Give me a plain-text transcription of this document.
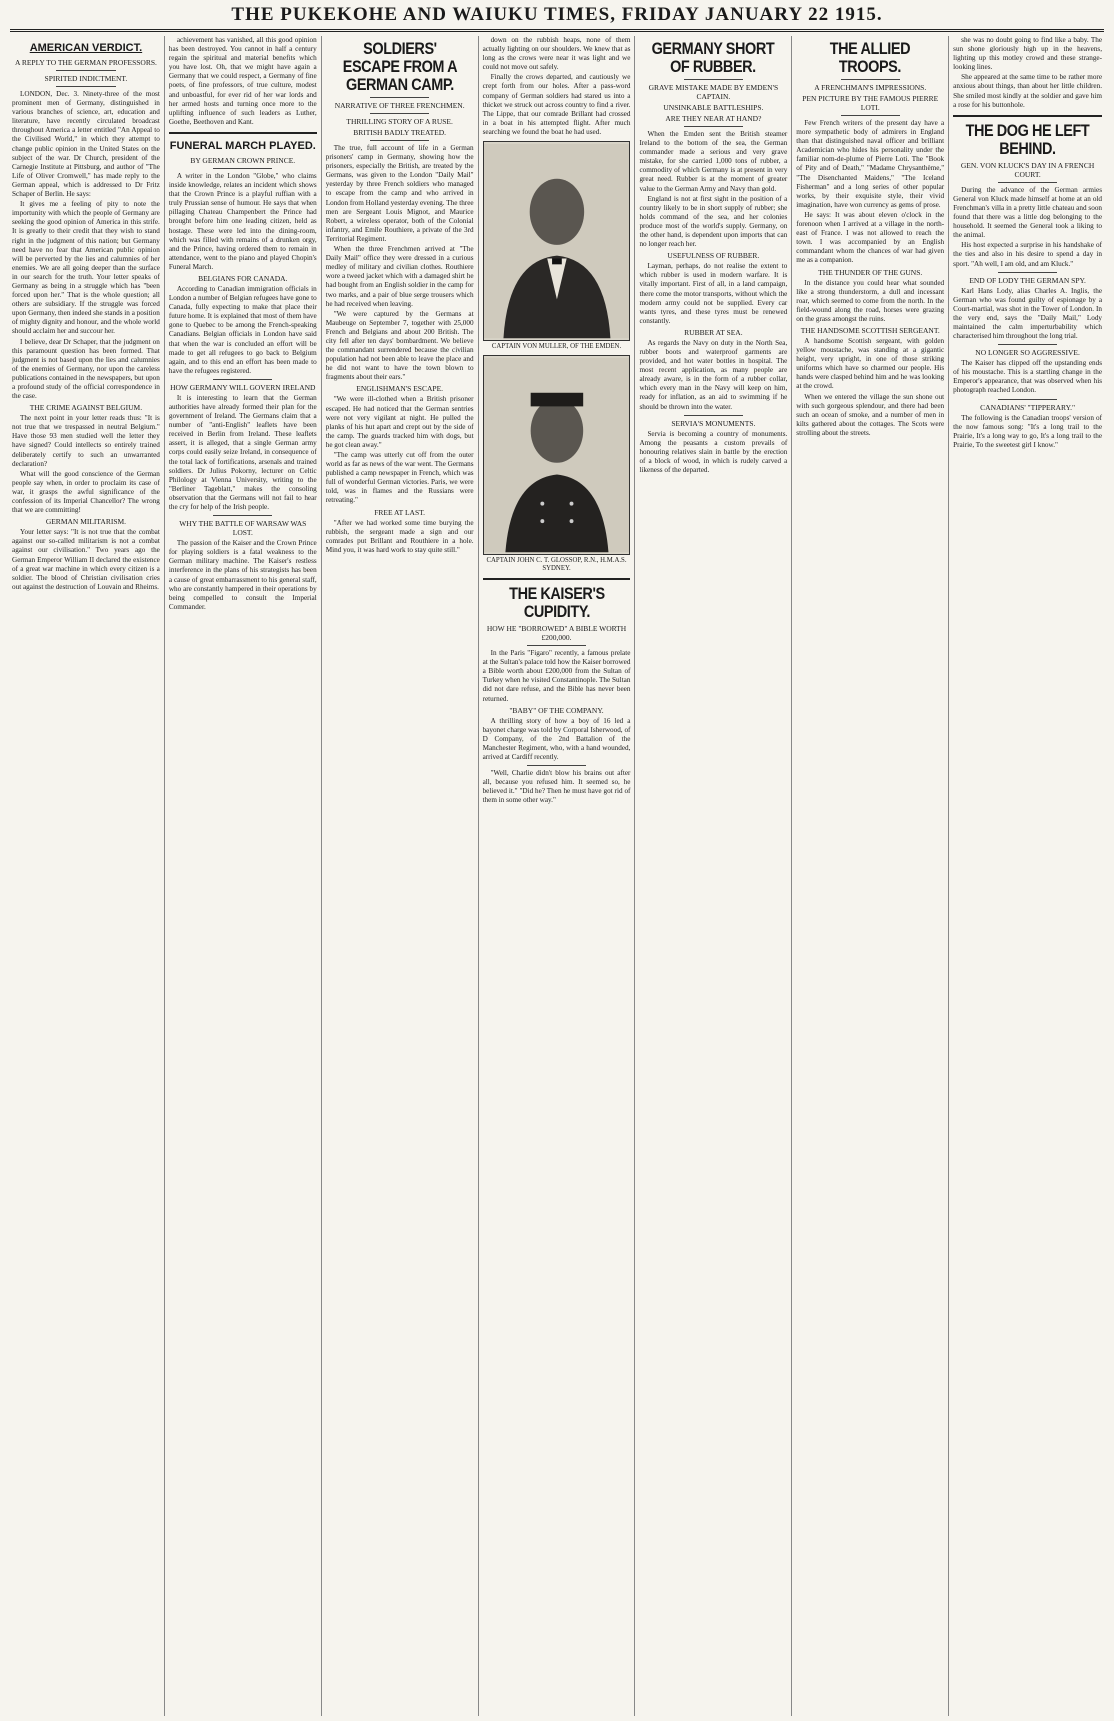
THE PUKEKOHE AND WAIUKU TIMES, FRIDAY JANUARY 22 1915.
AMERICAN VERDICT.
A REPLY TO THE GERMAN PROFESSORS.
SPIRITED INDICTMENT.

LONDON, Dec. 3. Ninety-three of the most prominent men of Germany, distinguished in various branches of science, art, education and literature, have recently circulated broadcast throughout America a letter entitled "An Appeal to the Civilised World," in which they attempt to change public opinion in the United States on the subject of the war. Dr Church, president of the Carnegie Institute at Pittsburg, and author of "The Life of Oliver Cromwell," has made reply to the German appeal, which is addressed to Dr Fritz Schaper of Berlin. He says:

It gives me a feeling of pity to note the importunity with which the people of Germany are seeking the good opinion of America in this strife. It is greatly to their credit that they wish to stand right in the judgment of this nation; but Germany need have no fear that American public opinion will be perverted by the lies and calumnies of her enemies. We are all going deeper than the surface in our search for the truth. Your letter speaks of Germany as being in a struggle which has "been forced upon her." That is the whole question; all others are subsidiary. If the struggle was forced upon Germany, then indeed she stands in a position of mighty dignity and honour, and the whole world should acclaim her and succour her.

I believe, dear Dr Schaper, that the judgment on this paramount question has been formed. That judgment is not based upon the lies and calumnies of the enemies of Germany, nor upon the careless publications contained in the newspapers, but upon a profound study of the official correspondence in the case.

THE CRIME AGAINST BELGIUM.

The next point in your letter reads thus: "It is not true that we trespassed in neutral Belgium." Have those 93 men studied well the letter they have signed? Could intellects so entirely trained deliberately certify to such an unwarranted declaration?

What will the good conscience of the German people say when, in order to proclaim its case of war, it grasps the awful significance of the confession of its Imperial Chancellor? The wrong that we are committing!

GERMAN MILITARISM.

Your letter says: "It is not true that the combat against our so-called militarism is not a combat against our civilisation." Two years ago the German Emperor William II declared the existence of a great war machine in which every citizen is a soldier. The blood of Christian civilisation cries out against the destruction of Louvain and Rheims.

achievement has vanished, all this good opinion has been destroyed. You cannot in half a century regain the spiritual and material benefits which you have lost. Oh, that we might have again a Germany that we could respect, a Germany of fine poets, of fine professors, of true culture, modest and unboastful, for ever rid of her war lords and her armed hosts and turning once more to the uplifting influence of such leaders as Luther, Goethe, Beethoven and Kant.

FUNERAL MARCH PLAYED.
BY GERMAN CROWN PRINCE.

A writer in the London "Globe," who claims inside knowledge, relates an incident which shows that the Crown Prince is a playful ruffian with a truly Prussian sense of humour. He says that when pillaging Chateau Champenbert the Prince had brought before him one leading citizen, held as hostage. These were led into the dining-room, which was filled with remains of a drunken orgy, and the Prince, having ordered them to remain in attendance, went to the piano and played Chopin's Funeral March.

BELGIANS FOR CANADA.

According to Canadian immigration officials in London a number of Belgian refugees have gone to Canada, fully expecting to make that place their future home. It is explained that most of them have gone to Quebec to be among the French-speaking Canadians. Belgian officials in London have said that when the war is concluded an effort will be made to get all refugees to go back to Belgium again, and to this end an effort has been made to have the refugees registered.

HOW GERMANY WILL GOVERN IRELAND

It is interesting to learn that the German authorities have already formed their plan for the government of Ireland. The Germans claim that a number of "anti-English" leaflets have been received in Berlin from Ireland. These leaflets assert, it is alleged, that a single German army corps could easily seize Ireland, in consequence of the total lack of fortifications, arsenals and trained soldiers. Dr Julius Pokorny, lecturer on Celtic Philology at Vienna University, writing to the "Berliner Tageblatt," makes the consoling observation that the Germans will not fail to hear the cry for help of the Irish people.

WHY THE BATTLE OF WARSAW WAS LOST.

The passion of the Kaiser and the Crown Prince for playing soldiers is a fatal weakness to the German military machine. The Kaiser's restless interference in the plans of his strategists has been a cause of great embarrassment to his general staff, who are constantly hampered in their operations by being compelled to consult the Imperial Commander.

SOLDIERS' ESCAPE FROM A GERMAN CAMP.
NARRATIVE OF THREE FRENCHMEN.
THRILLING STORY OF A RUSE.
BRITISH BADLY TREATED.

The true, full account of life in a German prisoners' camp in Germany, showing how the prisoners, especially the British, are treated by the Germans, was given to the London "Daily Mail" yesterday by three French soldiers who managed to escape from the camp and who arrived in London from Holland yesterday evening. The three men are Sergeant Louis Mignot, and Maurice Robert, a wireless operator, both of the Colonial infantry, and Emile Routhiere, a private of the 3rd Territorial Regiment.

When the three Frenchmen arrived at "The Daily Mail" office they were dressed in a curious medley of military and civilian clothes. Routhiere wore a tweed jacket which with a damaged shirt he had bought from an English soldier in the camp for two marks, and a pair of blue serge trousers which he had received when leaving.

"We were captured by the Germans at Maubeuge on September 7, together with 25,000 French and Belgians and about 200 British. The city fell after ten days' bombardment. We believe the commandant surrendered because the civilian population had not been able to leave the place and he did not want to have the town blown to fragments about their ears."

ENGLISHMAN'S ESCAPE.

"We were ill-clothed when a British prisoner escaped. He had noticed that the German sentries were not very vigilant at night. He pulled the planks of his hut apart and crept out by the side of the camp. The guards tracked him with dogs, but he got clean away."

"The camp was utterly cut off from the outer world as far as news of the war went. The Germans published a camp newspaper in French, which was full of wonderful German victories. Paris, we were told, was in flames and the Russians were retreating."

FREE AT LAST.

"After we had worked some time burying the rubbish, the sergeant made a sign and our comrades put Brillant and Routhiere in a hole. Mind you, it was hard work to stay quite still."

down on the rubbish heaps, none of them actually lighting on our shoulders. We knew that as long as the crows were near it was light and we could not move out safely.

Finally the crows departed, and cautiously we crept forth from our holes. After a pass-word company of German soldiers had stared us into a thicket we struck out across country to find a river. The Lippe, that our comrade Brillant had crossed in a boat in his attempted flight. After much searching we found the boat he had used.

CAPTAIN VON MULLER, OF THE EMDEN.
CAPTAIN JOHN C. T. GLOSSOP, R.N., H.M.A.S. SYDNEY.
THE KAISER'S CUPIDITY.
HOW HE "BORROWED" A BIBLE WORTH £200,000.

In the Paris "Figaro" recently, a famous prelate at the Sultan's palace told how the Kaiser borrowed a Bible worth about £200,000 from the Sultan of Turkey when he visited Constantinople. The Sultan did not dare refuse, and the Bible has never been returned.

"BABY" OF THE COMPANY.

A thrilling story of how a boy of 16 led a bayonet charge was told by Corporal Isherwood, of D Company, of the 2nd Battalion of the Manchester Regiment, who, with a hand wounded, arrived at Cardiff recently.

"Well, Charlie didn't blow his brains out after all, because you refused him. It seemed so, he believed it." "Did he? Then he must have got rid of them in some other way."

GERMANY SHORT OF RUBBER.
GRAVE MISTAKE MADE BY EMDEN'S CAPTAIN.
UNSINKABLE BATTLESHIPS.
ARE THEY NEAR AT HAND?

When the Emden sent the British steamer Ireland to the bottom of the sea, the German commander made a serious and very grave mistake, for she carried 1,000 tons of rubber, a commodity of which Germany is at present in very great need. Rubber is at the moment of greater value to the German Army and Navy than gold.

England is not at first sight in the position of a country likely to be in short supply of rubber; she holds command of the sea, and her colonies produce most of the world's supply. Germany, on the other hand, is dependent upon imports that can no longer reach her.

USEFULNESS OF RUBBER.

Layman, perhaps, do not realise the extent to which rubber is used in modern warfare. It is vitally important. First of all, in a land campaign, there come the motor transports, without which the modern army could not be supplied. Every car wants tyres, and these tyres must be renewed constantly.

RUBBER AT SEA.

As regards the Navy on duty in the North Sea, rubber boots and waterproof garments are provided, and hot water bottles in hospital. The most recent application, as many people are already aware, is in the form of a rubber collar, which every man in the Navy will keep on him, ready for inflation, as an aid to swimming if he should be thrown into the water.

SERVIA'S MONUMENTS.

Servia is becoming a country of monuments. Among the peasants a custom prevails of honouring relatives slain in battle by the erection of a block of wood, in which is rudely carved a likeness of the departed.

THE ALLIED TROOPS.
A FRENCHMAN'S IMPRESSIONS.
PEN PICTURE BY THE FAMOUS PIERRE LOTI.

Few French writers of the present day have a more sympathetic body of admirers in England than that distinguished naval officer and brilliant Academician who hides his personality under the familiar nom-de-plume of Pierre Loti. The "Book of Pity and of Death," "Madame Chrysanthème," "The Disenchanted Maidens," "The Iceland Fisherman" and a long series of other popular works, by their exquisite style, their vivid imagination, have won currency as gems of prose.

He says: It was about eleven o'clock in the forenoon when I arrived at a village in the north-east of France. I was not allowed to reach the town. I was accompanied by an English commandant whom the chances of war had given me as a companion.

THE THUNDER OF THE GUNS.

In the distance you could hear what sounded like a strong thunderstorm, a dull and incessant roar, which seemed to come from the north. In the field-wound along the road, horses were grazing on the grass amongst the ruins.

THE HANDSOME SCOTTISH SERGEANT.

A handsome Scottish sergeant, with golden yellow moustache, was standing at a gigantic height, very upright, in one of those striking uniforms which have so charmed our people. His hands were clasped behind him and he was looking at the crowd.

When we entered the village the sun shone out with such gorgeous splendour, and there had been such an ocean of smoke, and a number of men in kilts gathered about the cottages. The Scots were strolling about the streets.

she was no doubt going to find like a baby. The sun shone gloriously high up in the heavens, lighting up this motley crowd and these strange-looking lines.

She appeared at the same time to be rather more anxious about things, than about her little children. She smiled most kindly at the soldier and gave him a rose for his buttonhole.

THE DOG HE LEFT BEHIND.
GEN. VON KLUCK'S DAY IN A FRENCH COURT.

During the advance of the German armies General von Kluck made himself at home at an old Frenchman's villa in a pretty little chateau and soon found that there was a little dog belonging to the household. It seemed the General took a liking to the animal.

His host expected a surprise in his handshake of the ties and also in his desire to spend a day in sport. "Ah well, I am old, and am Kluck."

END OF LODY THE GERMAN SPY.

Karl Hans Lody, alias Charles A. Inglis, the German who was found guilty of espionage by a Court-martial, was shot in the Tower of London. In the very end, says the "Daily Mail," Lody maintained the calm imperturbability which characterised him throughout the long trial.

NO LONGER SO AGGRESSIVE.

The Kaiser has clipped off the upstanding ends of his moustache. This is a startling change in the Emperor's appearance, that was observed when his photograph reached London.

CANADIANS' "TIPPERARY."

The following is the Canadian troops' version of the now famous song: "It's a long trail to the Prairie, It's a long way to go, It's a long trail to the Prairie, To the sweetest girl I know."
